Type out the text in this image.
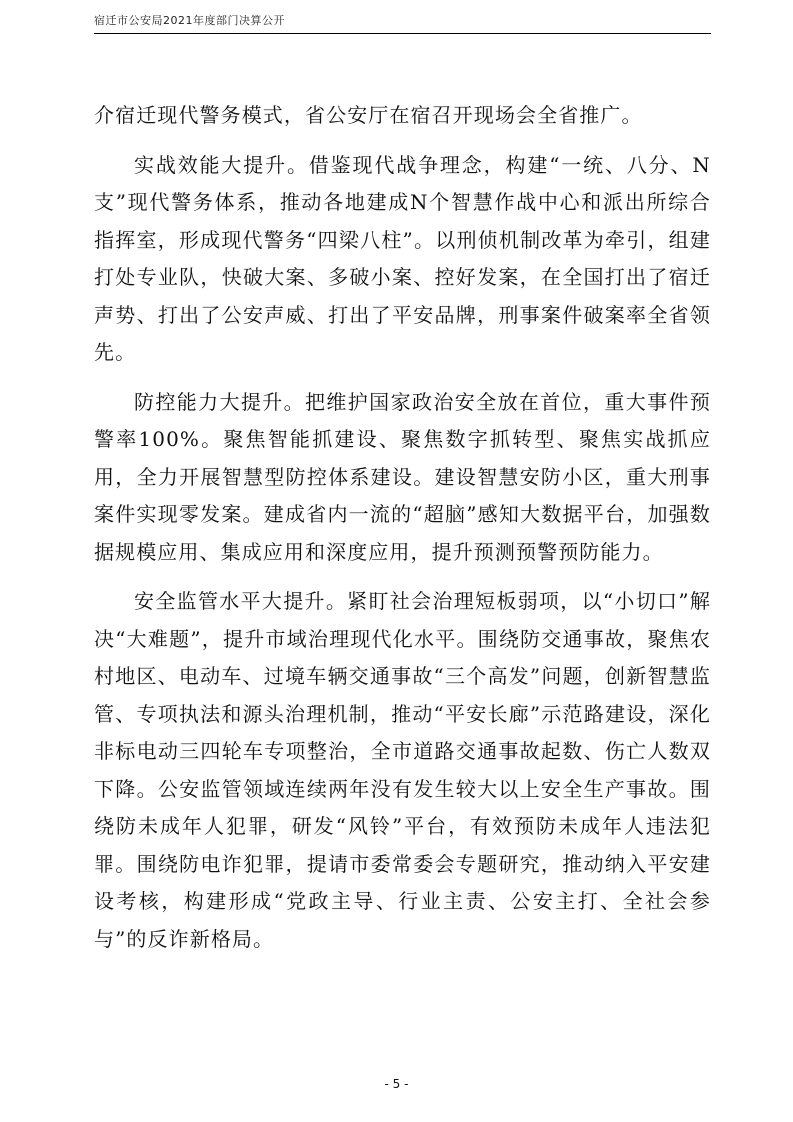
宿迁市公安局2021年度部门决算公开

介宿迁现代警务模式，省公安厅在宿召开现场会全省推广。

实战效能大提升。借鉴现代战争理念，构建“一统、八分、N支”现代警务体系，推动各地建成N个智慧作战中心和派出所综合指挥室，形成现代警务“四梁八柱”。以刑侦机制改革为牵引，组建打处专业队，快破大案、多破小案、控好发案，在全国打出了宿迁声势、打出了公安声威、打出了平安品牌，刑事案件破案率全省领先。

防控能力大提升。把维护国家政治安全放在首位，重大事件预警率100%。聚焦智能抓建设、聚焦数字抓转型、聚焦实战抓应用，全力开展智慧型防控体系建设。建设智慧安防小区，重大刑事案件实现零发案。建成省内一流的“超脑”感知大数据平台，加强数据规模应用、集成应用和深度应用，提升预测预警预防能力。

安全监管水平大提升。紧盯社会治理短板弱项，以“小切口”解决“大难题”，提升市域治理现代化水平。围绕防交通事故，聚焦农村地区、电动车、过境车辆交通事故“三个高发”问题，创新智慧监管、专项执法和源头治理机制，推动“平安长廊”示范路建设，深化非标电动三四轮车专项整治，全市道路交通事故起数、伤亡人数双下降。公安监管领域连续两年没有发生较大以上安全生产事故。围绕防未成年人犯罪，研发“风铃”平台，有效预防未成年人违法犯罪。围绕防电诈犯罪，提请市委常委会专题研究，推动纳入平安建设考核，构建形成“党政主导、行业主责、公安主打、全社会参与”的反诈新格局。

- 5 -
